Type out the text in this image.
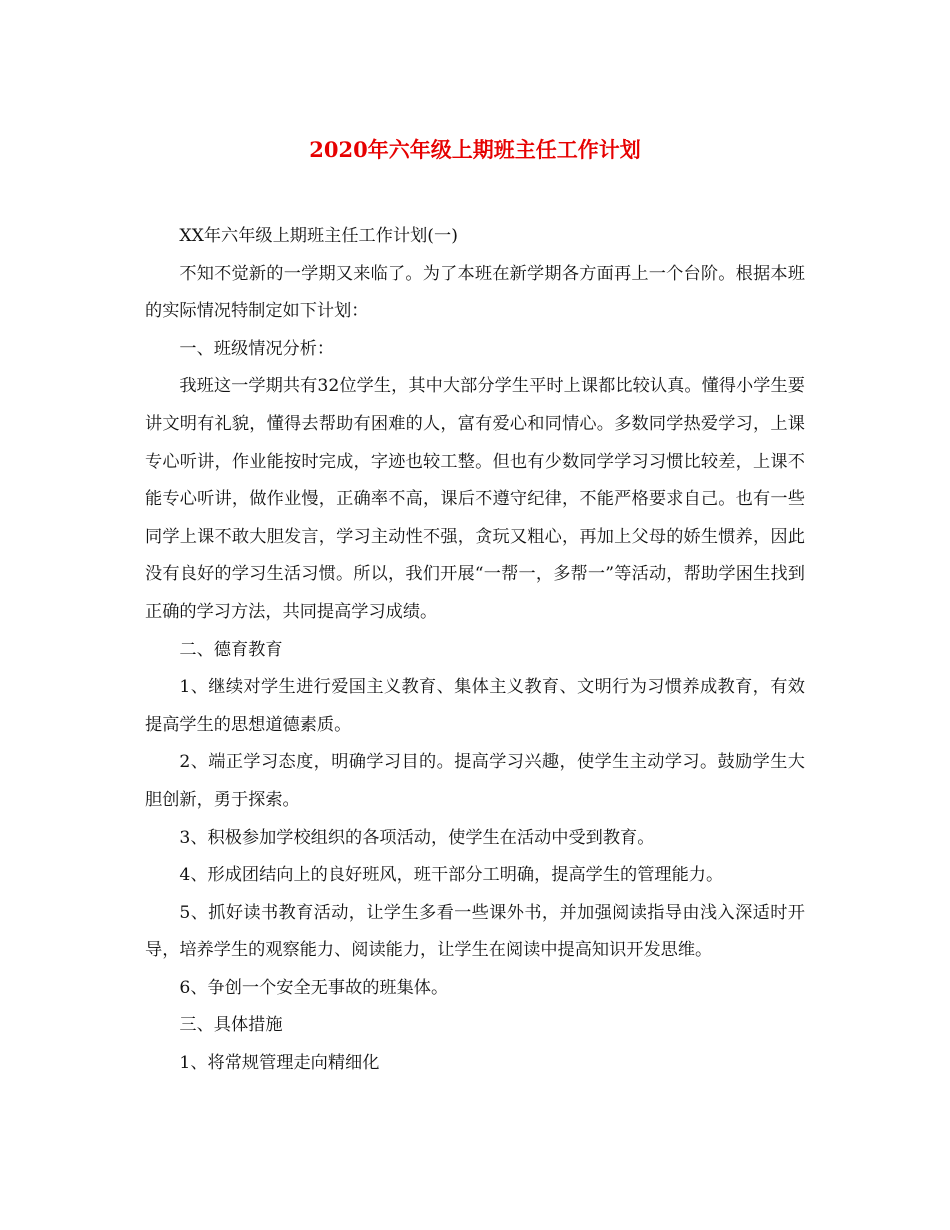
2020年六年级上期班主任工作计划

XX年六年级上期班主任工作计划(一)

不知不觉新的一学期又来临了。为了本班在新学期各方面再上一个台阶。根据本班的实际情况特制定如下计划：

一、班级情况分析：

我班这一学期共有32位学生，其中大部分学生平时上课都比较认真。懂得小学生要讲文明有礼貌，懂得去帮助有困难的人，富有爱心和同情心。多数同学热爱学习，上课专心听讲，作业能按时完成，字迹也较工整。但也有少数同学学习习惯比较差，上课不能专心听讲，做作业慢，正确率不高，课后不遵守纪律，不能严格要求自己。也有一些同学上课不敢大胆发言，学习主动性不强，贪玩又粗心，再加上父母的娇生惯养，因此没有良好的学习生活习惯。所以，我们开展“一帮一，多帮一”等活动，帮助学困生找到正确的学习方法，共同提高学习成绩。

二、德育教育

1、继续对学生进行爱国主义教育、集体主义教育、文明行为习惯养成教育，有效提高学生的思想道德素质。

2、端正学习态度，明确学习目的。提高学习兴趣，使学生主动学习。鼓励学生大胆创新，勇于探索。

3、积极参加学校组织的各项活动，使学生在活动中受到教育。

4、形成团结向上的良好班风，班干部分工明确，提高学生的管理能力。

5、抓好读书教育活动，让学生多看一些课外书，并加强阅读指导由浅入深适时开导，培养学生的观察能力、阅读能力，让学生在阅读中提高知识开发思维。

6、争创一个安全无事故的班集体。

三、具体措施

1、将常规管理走向精细化
